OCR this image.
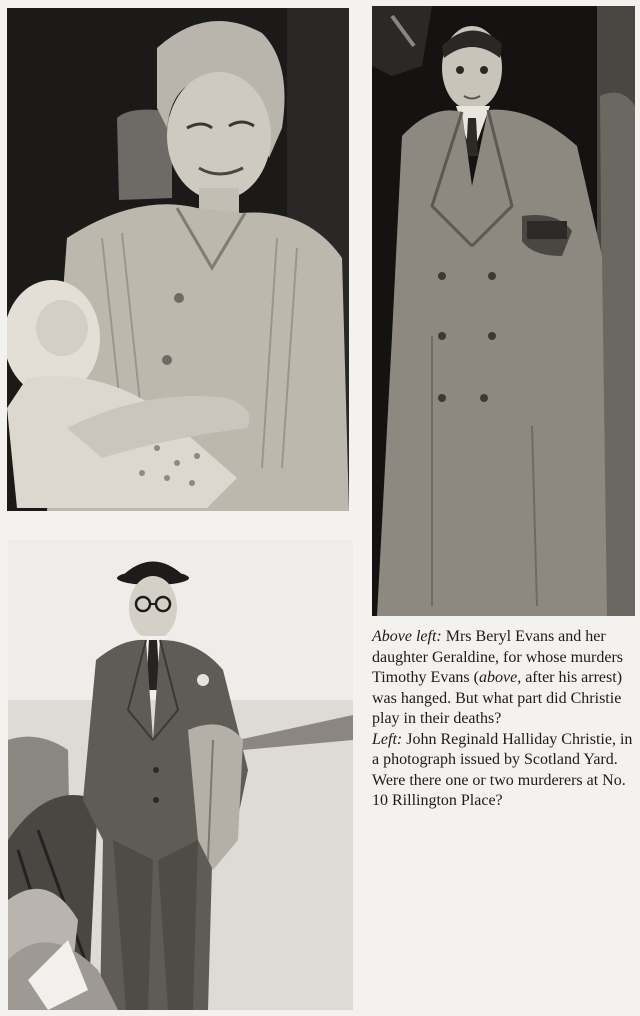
Above left: Mrs Beryl Evans and her daughter Geraldine, for whose murders Timothy Evans (above, after his arrest) was hanged. But what part did Christie play in their deaths?

Left: John Reginald Halliday Christie, in a photograph issued by Scotland Yard. Were there one or two murderers at No. 10 Rillington Place?
